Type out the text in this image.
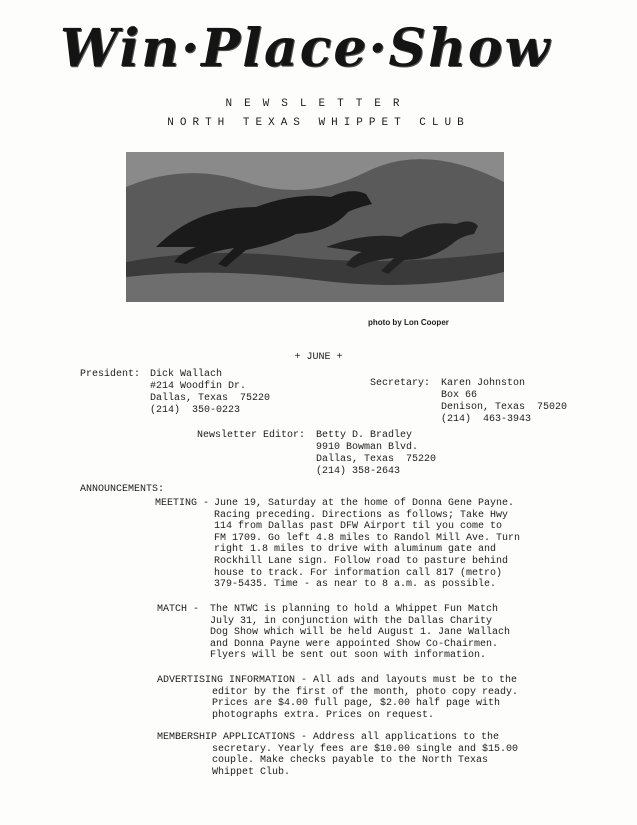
Win·Place·Show
NEWSLETTER
NORTH TEXAS WHIPPET CLUB
photo by Lon Cooper
+ JUNE +
President: Dick Wallach
#214 Woodfin Dr.
Dallas, Texas  75220
(214)  350-0223
Secretary: Karen Johnston
Box 66
Denison, Texas  75020
(214)  463-3943
Newsletter Editor: Betty D. Bradley
9910 Bowman Blvd.
Dallas, Texas  75220
(214) 358-2643
ANNOUNCEMENTS:
MEETING - June 19, Saturday at the home of Donna Gene Payne.
Racing preceding. Directions as follows; Take Hwy
114 from Dallas past DFW Airport til you come to
FM 1709. Go left 4.8 miles to Randol Mill Ave. Turn
right 1.8 miles to drive with aluminum gate and
Rockhill Lane sign. Follow road to pasture behind
house to track. For information call 817 (metro)
379-5435. Time - as near to 8 a.m. as possible.
MATCH - The NTWC is planning to hold a Whippet Fun Match
July 31, in conjunction with the Dallas Charity
Dog Show which will be held August 1. Jane Wallach
and Donna Payne were appointed Show Co-Chairmen.
Flyers will be sent out soon with information.
ADVERTISING INFORMATION - All ads and layouts must be to the
editor by the first of the month, photo copy ready.
Prices are $4.00 full page, $2.00 half page with
photographs extra. Prices on request.
MEMBERSHIP APPLICATIONS - Address all applications to the
secretary. Yearly fees are $10.00 single and $15.00
couple. Make checks payable to the North Texas
Whippet Club.
